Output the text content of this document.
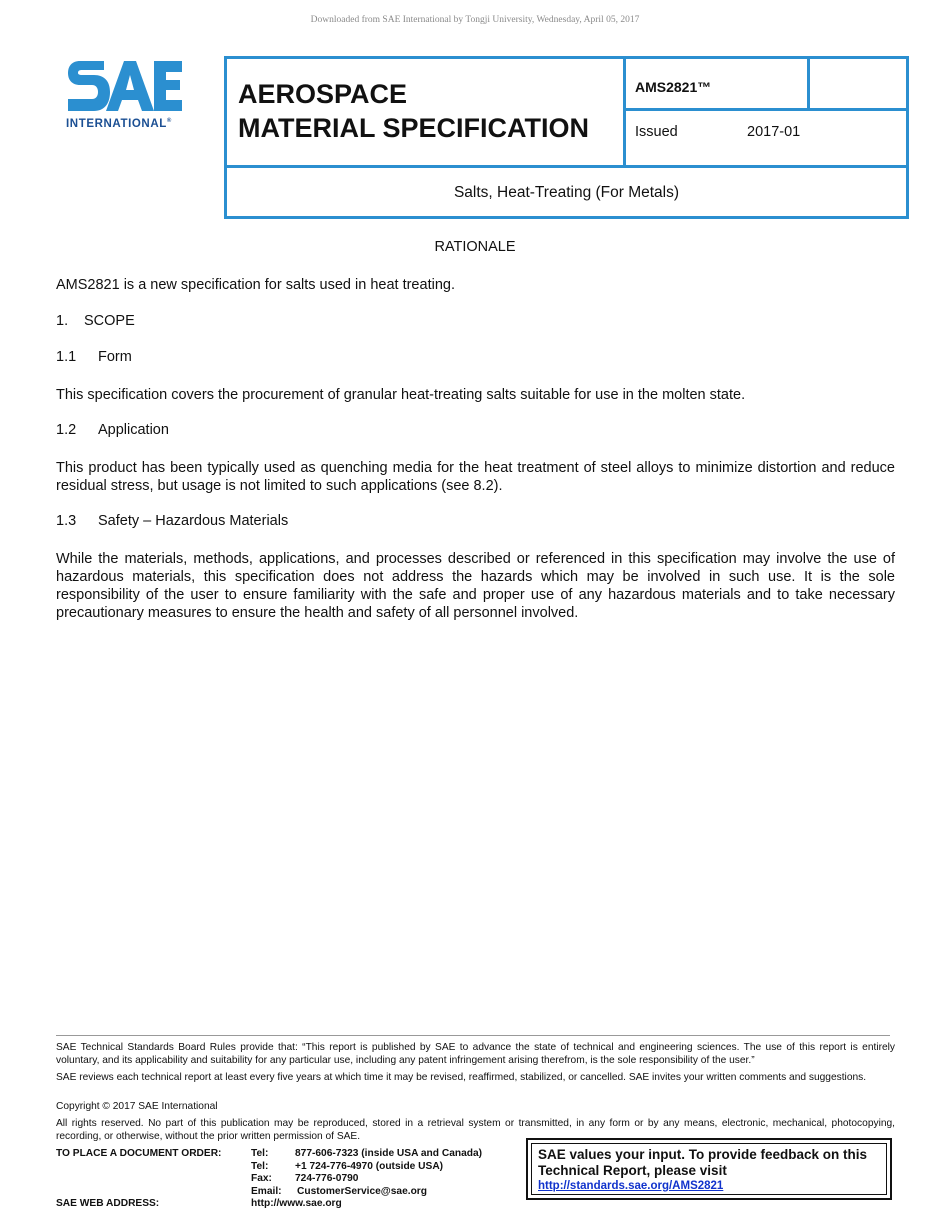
Downloaded from SAE International by Tongji University, Wednesday, April 05, 2017
INTERNATIONAL®
AEROSPACE
MATERIAL SPECIFICATION
AMS2821™
Issued	2017-01
Salts, Heat-Treating (For Metals)
RATIONALE
AMS2821 is a new specification for salts used in heat treating.
1. SCOPE
1.1 Form
This specification covers the procurement of granular heat-treating salts suitable for use in the molten state.
1.2 Application
This product has been typically used as quenching media for the heat treatment of steel alloys to minimize distortion and reduce residual stress, but usage is not limited to such applications (see 8.2).
1.3 Safety – Hazardous Materials
While the materials, methods, applications, and processes described or referenced in this specification may involve the use of hazardous materials, this specification does not address the hazards which may be involved in such use. It is the sole responsibility of the user to ensure familiarity with the safe and proper use of any hazardous materials and to take necessary precautionary measures to ensure the health and safety of all personnel involved.
SAE Technical Standards Board Rules provide that: “This report is published by SAE to advance the state of technical and engineering sciences. The use of this report is entirely voluntary, and its applicability and suitability for any particular use, including any patent infringement arising therefrom, is the sole responsibility of the user.”
SAE reviews each technical report at least every five years at which time it may be revised, reaffirmed, stabilized, or cancelled. SAE invites your written comments and suggestions.
Copyright © 2017 SAE International
All rights reserved. No part of this publication may be reproduced, stored in a retrieval system or transmitted, in any form or by any means, electronic, mechanical, photocopying, recording, or otherwise, without the prior written permission of SAE.
TO PLACE A DOCUMENT ORDER:	Tel:	877-606-7323 (inside USA and Canada)
Tel:	+1 724-776-4970 (outside USA)
Fax: 724-776-0790
Email: CustomerService@sae.org
SAE WEB ADDRESS:	http://www.sae.org
SAE values your input. To provide feedback on this
Technical Report, please visit
http://standards.sae.org/AMS2821
